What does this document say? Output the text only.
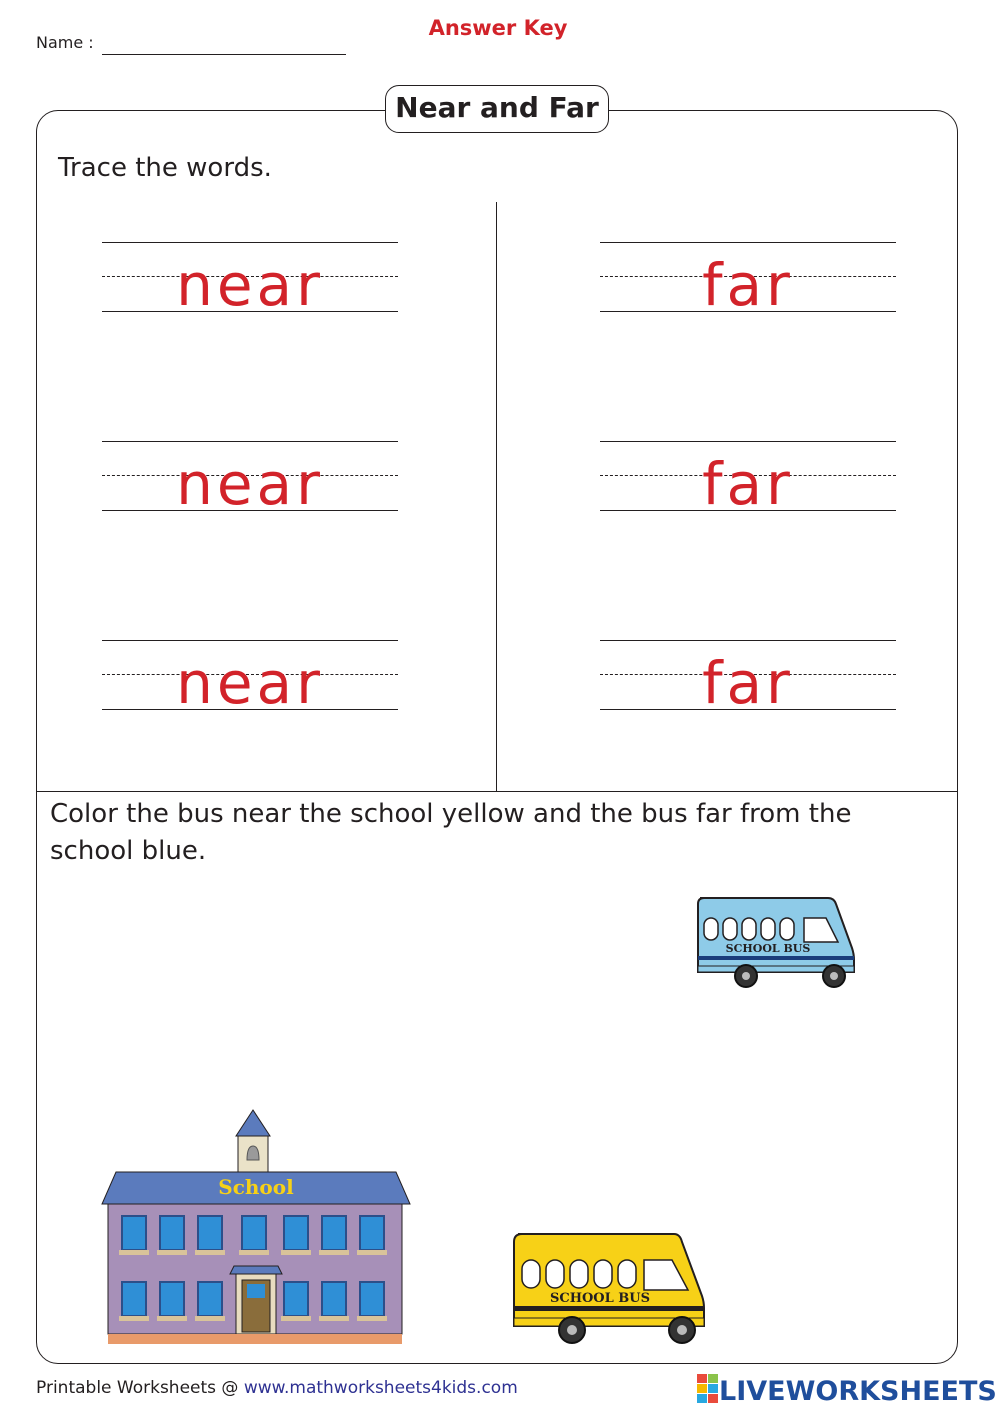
Name :
Answer Key
Near and Far
Trace the words.
near
near
near
far
far
far
Color the bus near the school yellow and the bus far from the school blue.
SCHOOL BUS
SCHOOL BUS
School
Printable Worksheets @ www.mathworksheets4kids.com	LIVEWORKSHEETS
